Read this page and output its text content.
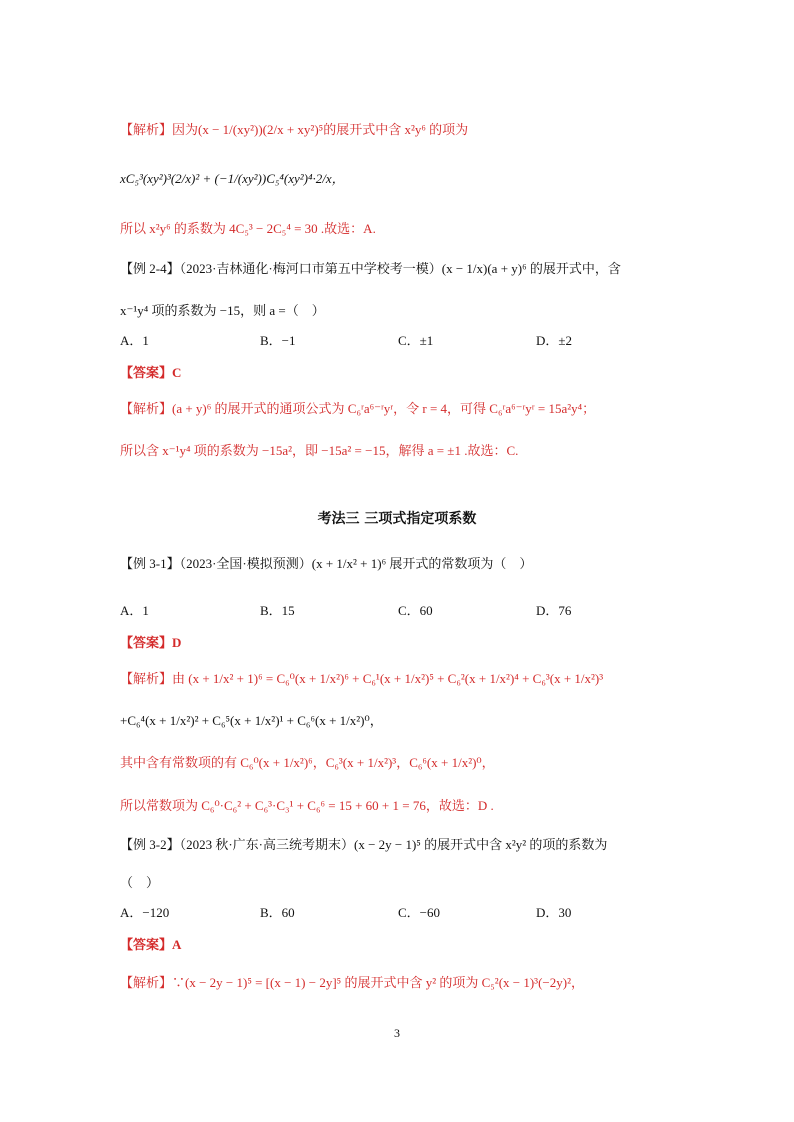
【解析】因为(x − 1/(xy²))(2/x + xy²)⁵的展开式中含 x²y⁶ 的项为
xC₅³(xy²)³(2/x)² + (−1/(xy²))C₅⁴(xy²)⁴·2/x，
所以 x²y⁶ 的系数为 4C₅³ − 2C₅⁴ = 30 .故选：A.
【例 2-4】（2023·吉林通化·梅河口市第五中学校考一模）(x − 1/x)(a + y)⁶ 的展开式中，含
x⁻¹y⁴ 项的系数为 −15，则 a =（　）
A．1	B．−1	C．±1	D．±2
【答案】C
【解析】(a + y)⁶ 的展开式的通项公式为 C₆ʳa⁶⁻ʳyʳ，令 r = 4，可得 C₆ʳa⁶⁻ʳyʳ = 15a²y⁴；
所以含 x⁻¹y⁴ 项的系数为 −15a²，即 −15a² = −15，解得 a = ±1 .故选：C.
考法三 三项式指定项系数
【例 3-1】（2023·全国·模拟预测）(x + 1/x² + 1)⁶ 展开式的常数项为（　）
A．1	B．15	C．60	D．76
【答案】D
【解析】由 (x + 1/x² + 1)⁶ = C₆⁰(x + 1/x²)⁶ + C₆¹(x + 1/x²)⁵ + C₆²(x + 1/x²)⁴ + C₆³(x + 1/x²)³
+C₆⁴(x + 1/x²)² + C₆⁵(x + 1/x²)¹ + C₆⁶(x + 1/x²)⁰，
其中含有常数项的有 C₆⁰(x + 1/x²)⁶，C₆³(x + 1/x²)³，C₆⁶(x + 1/x²)⁰，
所以常数项为 C₆⁰·C₆² + C₆³·C₃¹ + C₆⁶ = 15 + 60 + 1 = 76，故选：D .
【例 3-2】（2023 秋·广东·高三统考期末）(x − 2y − 1)⁵ 的展开式中含 x²y² 的项的系数为
（　）
A．−120	B．60	C．−60	D．30
【答案】A
【解析】∵(x − 2y − 1)⁵ = [(x − 1) − 2y]⁵ 的展开式中含 y² 的项为 C₅²(x − 1)³(−2y)²，
3
